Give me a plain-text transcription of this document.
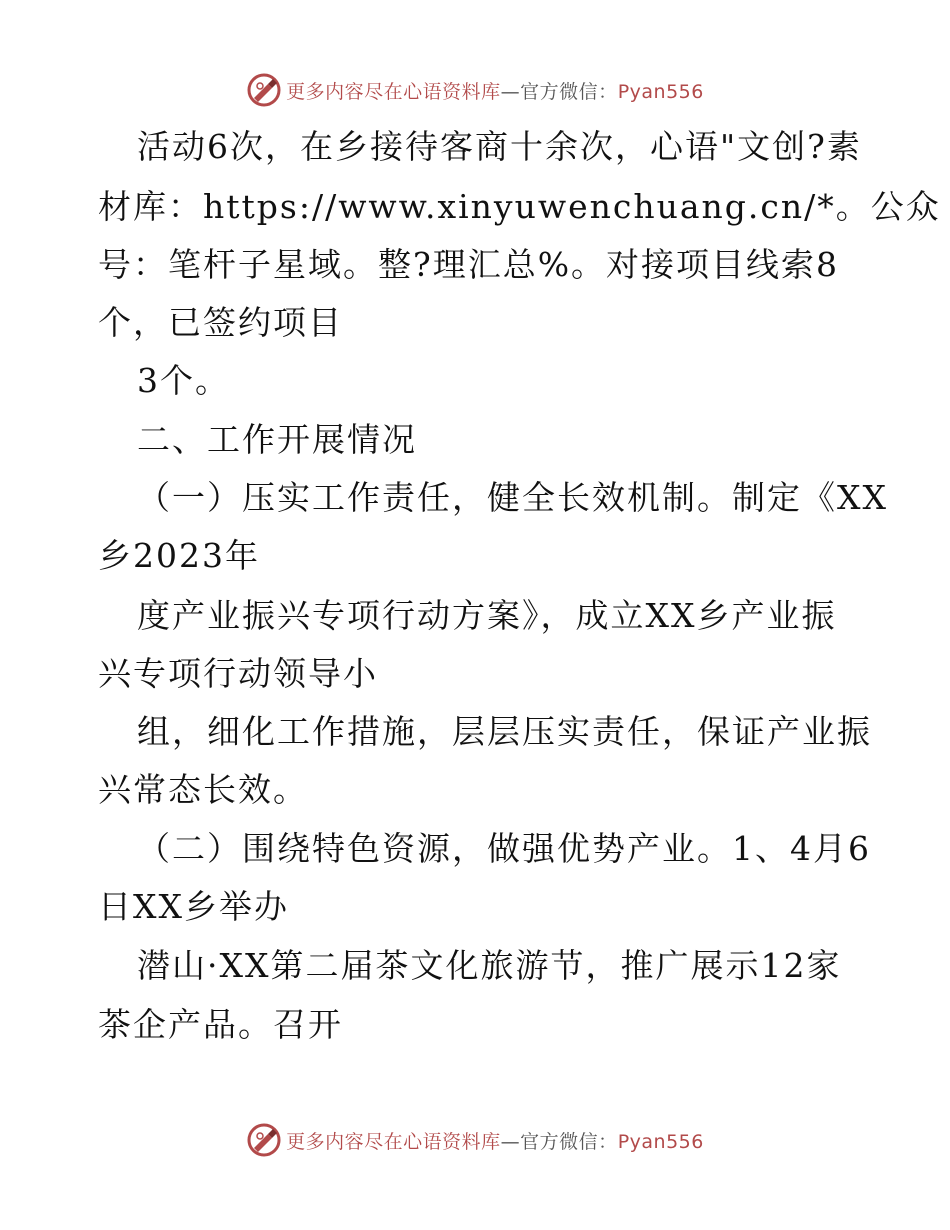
更多内容尽在心语资料库—官方微信：Pyan556
活动6次，在乡接待客商十余次，心语"文创?素
材库：https://www.xinyuwenchuang.cn/*。公众
号：笔杆子星域。整?理汇总%。对接项目线索8
个，已签约项目
3个。
二、工作开展情况
（一）压实工作责任，健全长效机制。制定《XX
乡2023年
度产业振兴专项行动方案》，成立XX乡产业振
兴专项行动领导小
组，细化工作措施，层层压实责任，保证产业振
兴常态长效。
（二）围绕特色资源，做强优势产业。1、4月6
日XX乡举办
潜山·XX第二届茶文化旅游节，推广展示12家
茶企产品。召开
更多内容尽在心语资料库—官方微信：Pyan556
